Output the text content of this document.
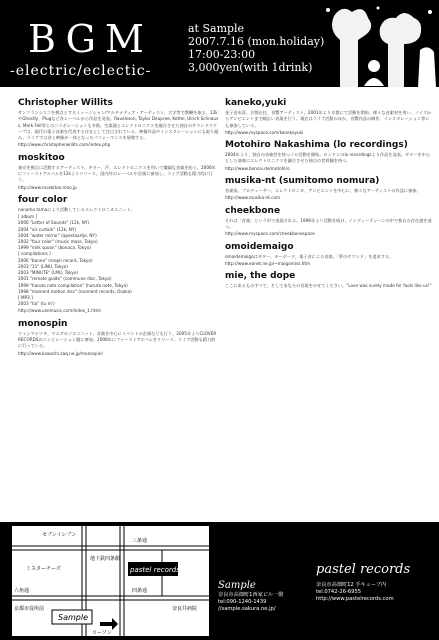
BGM
-electric/eclectic-
at Sample
2007.7.16 (mon.holiday)
17:00-23:00
3,000yen(with 1drink)
Christopher Willits
サンフランシスコを拠点とするミュージシャン/マルチメディア・アーティスト。大学等で教鞭を取る。12kやGhostly、Plugなど各レーベルから作品を発表。Rauelsson, Taylor Deupree, Kettel, Ulrich Schnauss, Mark Fell等とのコラボレーションも多数。生楽器とエレクトロニクスを融合させた独自のサウンドスケープは、現代の電子音楽を代表する存在として注目されている。映像作品やインスタレーションにも取り組み、ライブでは音と映像が一体となったパフォーマンスを展開する。
http://www.christopherwillits.com/index.php
moskitoo
東京を拠点に活動するアーティスト。ギター、声、エレクトロニクスを用いて繊細な音楽を紡ぐ。2006年にファーストアルバムを12kよりリリース。国内外のレーベルや企画に参加し、ライブ活動も精力的に行う。
http://www.moskitoo.moo.jp
four color
nonamo tamaにより活動しているエレクトロニカユニット。
[ album ]
2006 "Letter of Sounds" (12k, NY)
2004 "air curtain" (12k, NY)
2004 "water mirror" (apestaartje, NY)
2002 "four color" (music mass, Tokyo)
1999 "milk spoon" (bonaca, Tokyo)
[ compilations ]
2006 "bonne" (moph record, Tokyo)
2003 "11" (LINU, Tokyo)
2003 "MINUTE" (LMU, Tokyo)
2001 "remote guide" (commune disc, Tokyo)
1999 "haruta note compilation" (haruta note, Tokyo)
1998 "moment motion disc" (moment records, Osaka)
[ MP3 ]
2003 "tia" (tu m')
http://www.usnmusic.com/index_1.html
monospin
ウミシマナツキ、マエダのソロユニット。音楽を中心にイベントの企画なども行う。2005年よりCLOVER RECORDSのコンピレーション盤に参加。2006年にファーストアルバムをリリース。ライブ活動も精力的に行っている。
http://www.kawachi.zaq.ne.jp/monospin/
kaneko,yuki
金子由布喜。京都在住。音響アーティスト。2001年より京都にて活動を開始。様々な音素材を用い、ノイズからアンビエントまで幅広い表現を行う。現在はライブ活動のほか、音響作品の制作、インスタレーション等にも参加している。
http://www.myspace.com/kanekoyuki
Motohiro Nakashima (lo recordings)
2004年より、独自の音楽性を持つソロ活動を開始。ロンドンのlo recordingsより作品を発表。ギターを中心とした演奏にエレクトロニクスを融合させた独自の世界観を持つ。
http://www.bonsai.de/motohiro
musika-nt (sumitomo nomura)
音楽家。プロデューサー。エレクトロニカ、アンビエントを中心に、様々なアーティストの作品に参加。
http://www.musika-nt.com
cheekbone
それは「音楽」という形で表現される。1996年より活動を続け、インディーズシーンの中で独自の存在感を放つ。
http://www.myspace.com/cheekbonespace
omoidemaigo
omoidemaigoはギター、キーボード、電子音による音楽。「夢のサウンド」を追求する。
http://www.eonet.ne.jp/~maigomiss.htm
mie, the dope
ここにあるものすべて、そしてあなたの音楽をのせてください。"Love was surely made for fools like us!"
セブンイレブン
三条通
地下鉄四条駅
四条通
ミスターチーズ
ローソン
pastel records
奈良井病院
Sample
六角通
京都市役所前
Sample
奈良市高畑町1西家ビル一階
tel:090-1240-1439
//sample.sakura.ne.jp/
pastel records
奈良市高畑町12 手キューブ内
tel.0742-26-6955
http://www.pastelrecords.com
